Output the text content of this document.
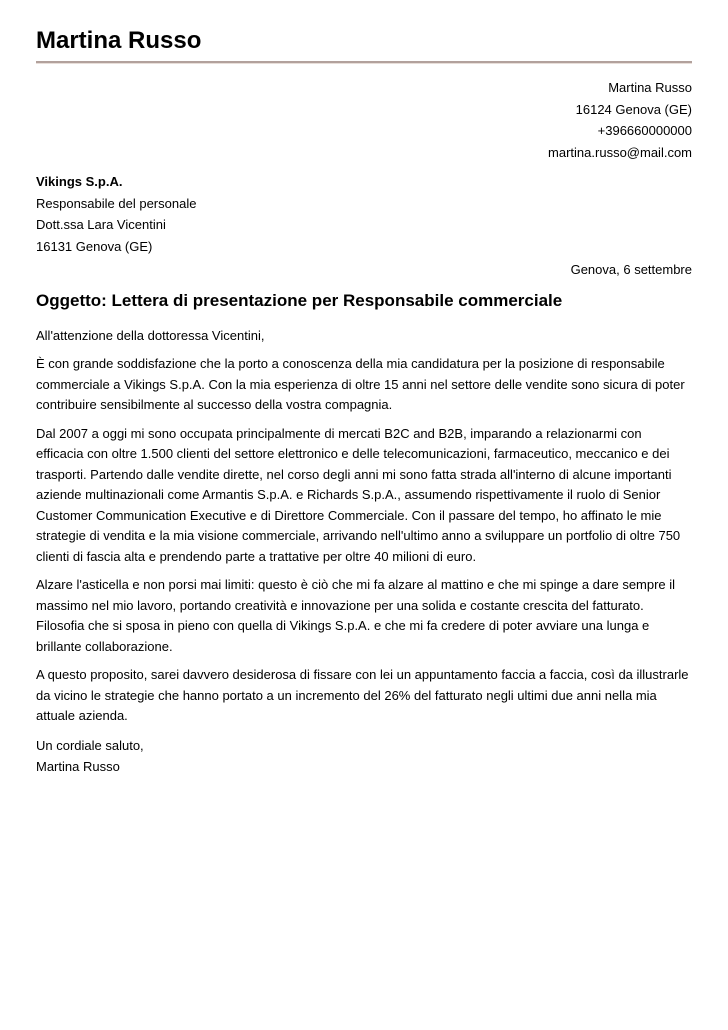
Martina Russo
Martina Russo
16124 Genova (GE)
+396660000000
martina.russo@mail.com
Vikings S.p.A.
Responsabile del personale
Dott.ssa Lara Vicentini
16131 Genova (GE)
Genova, 6 settembre
Oggetto: Lettera di presentazione per Responsabile commerciale

All'attenzione della dottoressa Vicentini,

È con grande soddisfazione che la porto a conoscenza della mia candidatura per la posizione di responsabile commerciale a Vikings S.p.A. Con la mia esperienza di oltre 15 anni nel settore delle vendite sono sicura di poter contribuire sensibilmente al successo della vostra compagnia.

Dal 2007 a oggi mi sono occupata principalmente di mercati B2C and B2B, imparando a relazionarmi con efficacia con oltre 1.500 clienti del settore elettronico e delle telecomunicazioni, farmaceutico, meccanico e dei trasporti. Partendo dalle vendite dirette, nel corso degli anni mi sono fatta strada all'interno di alcune importanti aziende multinazionali come Armantis S.p.A. e Richards S.p.A., assumendo rispettivamente il ruolo di Senior Customer Communication Executive e di Direttore Commerciale. Con il passare del tempo, ho affinato le mie strategie di vendita e la mia visione commerciale, arrivando nell'ultimo anno a sviluppare un portfolio di oltre 750 clienti di fascia alta e prendendo parte a trattative per oltre 40 milioni di euro.

Alzare l'asticella e non porsi mai limiti: questo è ciò che mi fa alzare al mattino e che mi spinge a dare sempre il massimo nel mio lavoro, portando creatività e innovazione per una solida e costante crescita del fatturato. Filosofia che si sposa in pieno con quella di Vikings S.p.A. e che mi fa credere di poter avviare una lunga e brillante collaborazione.

A questo proposito, sarei davvero desiderosa di fissare con lei un appuntamento faccia a faccia, così da illustrarle da vicino le strategie che hanno portato a un incremento del 26% del fatturato negli ultimi due anni nella mia attuale azienda.

Un cordiale saluto,
Martina Russo
